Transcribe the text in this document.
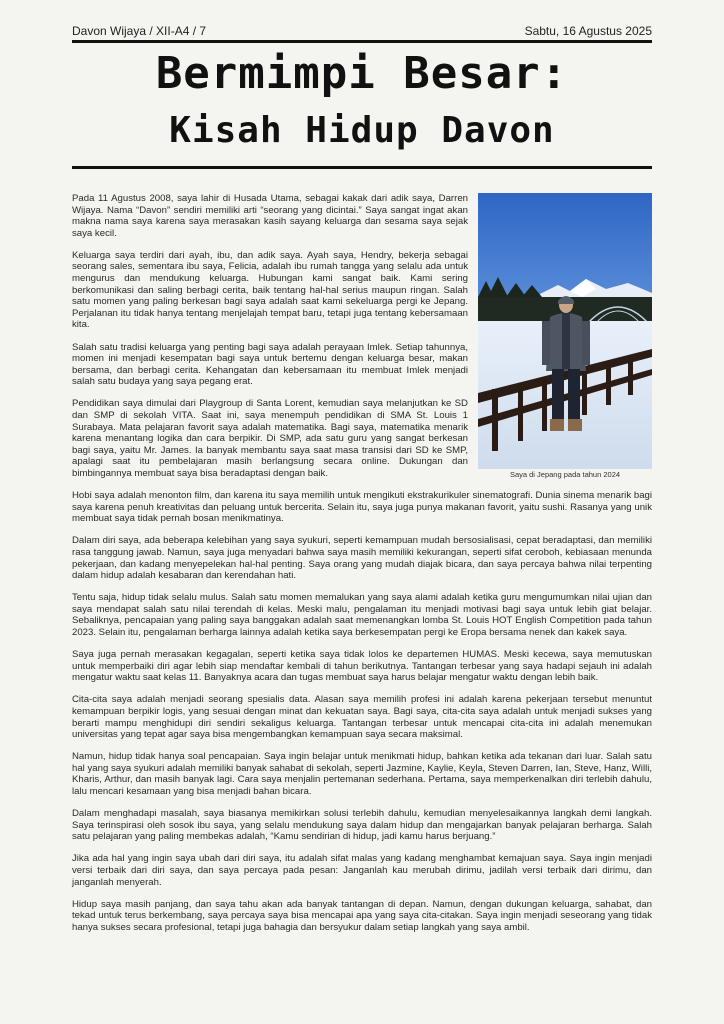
Davon Wijaya / XII-A4 / 7	Sabtu, 16 Agustus 2025
Bermimpi Besar:
Kisah Hidup Davon
Saya di Jepang pada tahun 2024

Pada 11 Agustus 2008, saya lahir di Husada Utama, sebagai kakak dari adik saya, Darren Wijaya. Nama “Davon” sendiri memiliki arti “seorang yang dicintai.” Saya sangat ingat akan makna nama saya karena saya merasakan kasih sayang keluarga dan sesama saya sejak saya kecil.

Keluarga saya terdiri dari ayah, ibu, dan adik saya. Ayah saya, Hendry, bekerja sebagai seorang sales, sementara ibu saya, Felicia, adalah ibu rumah tangga yang selalu ada untuk mengurus dan mendukung keluarga. Hubungan kami sangat baik. Kami sering berkomunikasi dan saling berbagi cerita, baik tentang hal-hal serius maupun ringan. Salah satu momen yang paling berkesan bagi saya adalah saat kami sekeluarga pergi ke Jepang. Perjalanan itu tidak hanya tentang menjelajah tempat baru, tetapi juga tentang kebersamaan kita.

Salah satu tradisi keluarga yang penting bagi saya adalah perayaan Imlek. Setiap tahunnya, momen ini menjadi kesempatan bagi saya untuk bertemu dengan keluarga besar, makan bersama, dan berbagi cerita. Kehangatan dan kebersamaan itu membuat Imlek menjadi salah satu budaya yang saya pegang erat.

Pendidikan saya dimulai dari Playgroup di Santa Lorent, kemudian saya melanjutkan ke SD dan SMP di sekolah VITA. Saat ini, saya menempuh pendidikan di SMA St. Louis 1 Surabaya. Mata pelajaran favorit saya adalah matematika. Bagi saya, matematika menarik karena menantang logika dan cara berpikir. Di SMP, ada satu guru yang sangat berkesan bagi saya, yaitu Mr. James. Ia banyak membantu saya saat masa transisi dari SD ke SMP, apalagi saat itu pembelajaran masih berlangsung secara online. Dukungan dan bimbingannya membuat saya bisa beradaptasi dengan baik.

Hobi saya adalah menonton film, dan karena itu saya memilih untuk mengikuti ekstrakurikuler sinematografi. Dunia sinema menarik bagi saya karena penuh kreativitas dan peluang untuk bercerita. Selain itu, saya juga punya makanan favorit, yaitu sushi. Rasanya yang unik membuat saya tidak pernah bosan menikmatinya.

Dalam diri saya, ada beberapa kelebihan yang saya syukuri, seperti kemampuan mudah bersosialisasi, cepat beradaptasi, dan memiliki rasa tanggung jawab. Namun, saya juga menyadari bahwa saya masih memiliki kekurangan, seperti sifat ceroboh, kebiasaan menunda pekerjaan, dan kadang menyepelekan hal-hal penting. Saya orang yang mudah diajak bicara, dan saya percaya bahwa nilai terpenting dalam hidup adalah kesabaran dan kerendahan hati.

Tentu saja, hidup tidak selalu mulus. Salah satu momen memalukan yang saya alami adalah ketika guru mengumumkan nilai ujian dan saya mendapat salah satu nilai terendah di kelas. Meski malu, pengalaman itu menjadi motivasi bagi saya untuk lebih giat belajar. Sebaliknya, pencapaian yang paling saya banggakan adalah saat memenangkan lomba St. Louis HOT English Competition pada tahun 2023. Selain itu, pengalaman berharga lainnya adalah ketika saya berkesempatan pergi ke Eropa bersama nenek dan kakek saya.

Saya juga pernah merasakan kegagalan, seperti ketika saya tidak lolos ke departemen HUMAS. Meski kecewa, saya memutuskan untuk memperbaiki diri agar lebih siap mendaftar kembali di tahun berikutnya. Tantangan terbesar yang saya hadapi sejauh ini adalah mengatur waktu saat kelas 11. Banyaknya acara dan tugas membuat saya harus belajar mengatur waktu dengan lebih baik.

Cita-cita saya adalah menjadi seorang spesialis data. Alasan saya memilih profesi ini adalah karena pekerjaan tersebut menuntut kemampuan berpikir logis, yang sesuai dengan minat dan kekuatan saya. Bagi saya, cita-cita saya adalah untuk menjadi sukses yang berarti mampu menghidupi diri sendiri sekaligus keluarga. Tantangan terbesar untuk mencapai cita-cita ini adalah menemukan universitas yang tepat agar saya bisa mengembangkan kemampuan saya secara maksimal.

Namun, hidup tidak hanya soal pencapaian. Saya ingin belajar untuk menikmati hidup, bahkan ketika ada tekanan dari luar. Salah satu hal yang saya syukuri adalah memiliki banyak sahabat di sekolah, seperti Jazmine, Kaylie, Keyla, Steven Darren, Ian, Steve, Hanz, Willi, Kharis, Arthur, dan masih banyak lagi. Cara saya menjalin pertemanan sederhana. Pertama, saya memperkenalkan diri terlebih dahulu, lalu mencari kesamaan yang bisa menjadi bahan bicara.

Dalam menghadapi masalah, saya biasanya memikirkan solusi terlebih dahulu, kemudian menyelesaikannya langkah demi langkah. Saya terinspirasi oleh sosok ibu saya, yang selalu mendukung saya dalam hidup dan mengajarkan banyak pelajaran berharga. Salah satu pelajaran yang paling membekas adalah, “Kamu sendirian di hidup, jadi kamu harus berjuang.”

Jika ada hal yang ingin saya ubah dari diri saya, itu adalah sifat malas yang kadang menghambat kemajuan saya. Saya ingin menjadi versi terbaik dari diri saya, dan saya percaya pada pesan: Janganlah kau merubah dirimu, jadilah versi terbaik dari dirimu, dan janganlah menyerah.

Hidup saya masih panjang, dan saya tahu akan ada banyak tantangan di depan. Namun, dengan dukungan keluarga, sahabat, dan tekad untuk terus berkembang, saya percaya saya bisa mencapai apa yang saya cita-citakan. Saya ingin menjadi seseorang yang tidak hanya sukses secara profesional, tetapi juga bahagia dan bersyukur dalam setiap langkah yang saya ambil.
